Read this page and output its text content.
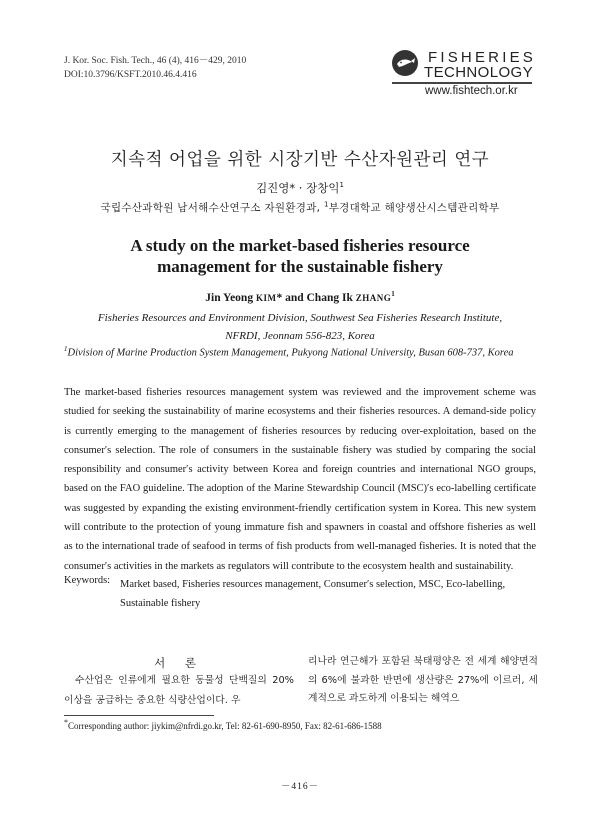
J. Kor. Soc. Fish. Tech., 46 (4), 416－429, 2010
DOI:10.3796/KSFT.2010.46.4.416
FISHERIES
TECHNOLOGY
www.fishtech.or.kr
지속적 어업을 위한 시장기반 수산자원관리 연구
김진영* · 장창익$^1$
국립수산과학원 남서해수산연구소 자원환경과, $^1$부경대학교 해양생산시스템관리학부
A study on the market-based fisheries resource
management for the sustainable fishery
Jin Yeong KIM* and Chang Ik ZHANG$^1$
Fisheries Resources and Environment Division, Southwest Sea Fisheries Research Institute,
NFRDI, Jeonnam 556-823, Korea
$^1$Division of Marine Production System Management, Pukyong National University, Busan 608-737, Korea
The market-based fisheries resources management system was reviewed and the improvement scheme was studied for seeking the sustainability of marine ecosystems and their fisheries resources. A demand-side policy is currently emerging to the management of fisheries resources by reducing over-exploitation, based on the consumer′s selection. The role of consumers in the sustainable fishery was studied by comparing the social responsibility and consumer′s activity between Korea and foreign countries and international NGO groups, based on the FAO guideline. The adoption of the Marine Stewardship Council (MSC)′s eco-labelling certificate was suggested by expanding the existing environment-friendly certification system in Korea. This new system will contribute to the protection of young immature fish and spawners in coastal and offshore fisheries as well as to the international trade of seafood in terms of fish products from well-managed fisheries. It is noted that the consumer′s activities in the markets as regulators will contribute to the ecosystem health and sustainability.
Keywords: Market based, Fisheries resources management, Consumer′s selection, MSC, Eco-labelling, Sustainable fishery
서 론
수산업은 인류에게 필요한 동물성 단백질의 20% 이상을 공급하는 중요한 식량산업이다. 우
리나라 연근해가 포함된 북태평양은 전 세계 해양면적의 6%에 불과한 반면에 생산량은 27%에 이르러, 세계적으로 과도하게 이용되는 해역으
*Corresponding author: jiykim@nfrdi.go.kr, Tel: 82-61-690-8950, Fax: 82-61-686-1588
－416－
